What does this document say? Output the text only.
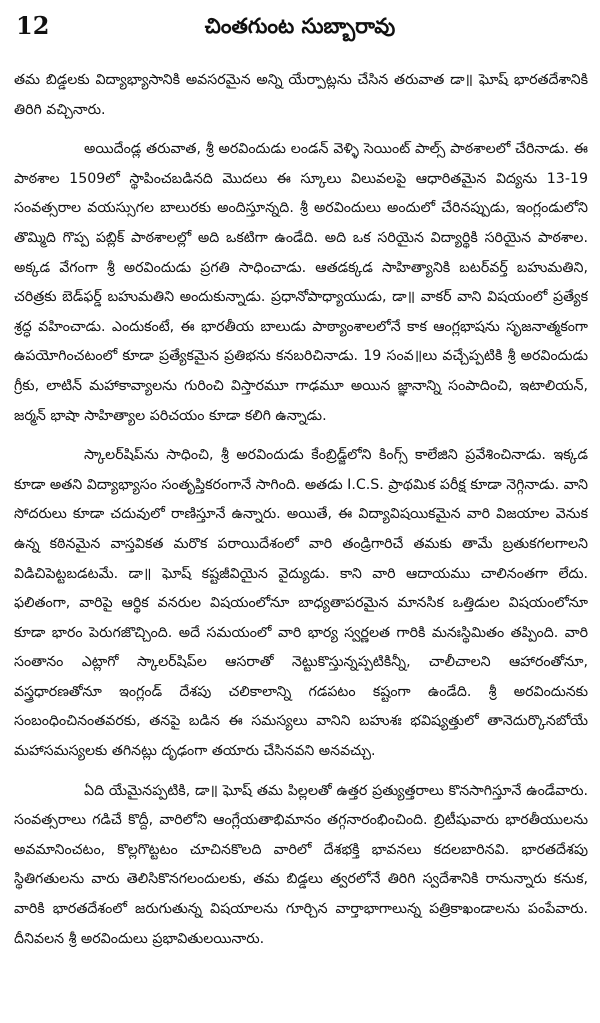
12	చింతగుంట సుబ్బారావు

తమ బిడ్డలకు విద్యాభ్యాసానికి అవసరమైన అన్ని యేర్పాట్లను చేసిన తరువాత డా॥ ఘోష్ భారతదేశానికి తిరిగి వచ్చినారు.

అయిదేండ్ల తరువాత, శ్రీ అరవిందుడు లండన్ వెళ్ళి సెయింట్ పాల్స్ పాఠశాలలో చేరినాడు. ఈ పాఠశాల 1509లో స్థాపించబడినది మొదలు ఈ స్కూలు విలువలపై ఆధారితమైన విద్యను 13-19 సంవత్సరాల వయస్సుగల బాలురకు అందిస్తూన్నది. శ్రీ అరవిందులు అందులో చేరినప్పుడు, ఇంగ్లండులోని తొమ్మిది గొప్ప పబ్లిక్ పాఠశాలల్లో అది ఒకటిగా ఉండేది. అది ఒక సరియైన విద్యార్థికి సరియైన పాఠశాల. అక్కడ వేగంగా శ్రీ అరవిందుడు ప్రగతి సాధించాడు. ఆతడక్కడ సాహిత్యానికి బటర్‌వర్త్ బహుమతిని, చరిత్రకు బెడ్‌ఫర్డ్ బహుమతిని అందుకున్నాడు. ప్రధానోపాధ్యాయుడు, డా॥ వాకర్ వాని విషయంలో ప్రత్యేక శ్రద్ధ వహించాడు. ఎందుకంటే, ఈ భారతీయ బాలుడు పాఠ్యాంశాలలోనే కాక ఆంగ్లభాషను సృజనాత్మకంగా ఉపయోగించటంలో కూడా ప్రత్యేకమైన ప్రతిభను కనబరిచినాడు. 19 సంవ॥లు వచ్చేప్పటికి శ్రీ అరవిందుడు గ్రీకు, లాటిన్ మహాకావ్యాలను గురించి విస్తారమూ గాఢమూ అయిన జ్ఞానాన్ని సంపాదించి, ఇటాలియన్, జర్మన్ భాషా సాహిత్యాల పరిచయం కూడా కలిగి ఉన్నాడు.

స్కాలర్‌షిప్‌ను సాధించి, శ్రీ అరవిందుడు కేంబ్రిడ్జ్‌లోని కింగ్స్ కాలేజిని ప్రవేశించినాడు. ఇక్కడ కూడా అతని విద్యాభ్యాసం సంతృప్తికరంగానే సాగింది. అతడు I.C.S. ప్రాథమిక పరీక్ష కూడా నెగ్గినాడు. వాని సోదరులు కూడా చదువులో రాణిస్తూనే ఉన్నారు. అయితే, ఈ విద్యావిషయికమైన వారి విజయాల వెనుక ఉన్న కఠినమైన వాస్తవికత మరొక పరాయిదేశంలో వారి తండ్రిగారిచే తమకు తామే బ్రతుకగలగాలని విడిచిపెట్టబడటమే. డా॥ ఘోష్ కష్టజీవియైన వైద్యుడు. కాని వారి ఆదాయము చాలినంతగా లేదు. ఫలితంగా, వారిపై ఆర్థిక వనరుల విషయంలోనూ బాధ్యతాపరమైన మానసిక ఒత్తిడుల విషయంలోనూ కూడా భారం పెరుగజొచ్చింది. అదే సమయంలో వారి భార్య స్వర్ణలత గారికి మనఃస్థిమితం తప్పింది. వారి సంతానం ఎట్లాగో స్కాలర్‌షిప్‌ల ఆసరాతో నెట్టుకొస్తున్నప్పటికిన్నీ, చాలీచాలని ఆహారంతోనూ, వస్త్రధారణతోనూ ఇంగ్లండ్ దేశపు చలికాలాన్ని గడపటం కష్టంగా ఉండేది. శ్రీ అరవిందునకు సంబంధించినంతవరకు, తనపై బడిన ఈ సమస్యలు వానిని బహుశః భవిష్యత్తులో తానెదుర్కొనబోయే మహాసమస్యలకు తగినట్లు దృఢంగా తయారు చేసినవని అనవచ్చు.

ఏది యేమైనప్పటికి, డా॥ ఘోష్ తమ పిల్లలతో ఉత్తర ప్రత్యుత్తరాలు కొనసాగిస్తూనే ఉండేవారు. సంవత్సరాలు గడిచే కొద్దీ, వారిలోని ఆంగ్లేయతాభిమానం తగ్గనారంభించింది. బ్రిటీషువారు భారతీయులను అవమానించటం, కొల్లగొట్టటం చూచినకొలది వారిలో దేశభక్తి భావనలు కదలబారినవి. భారతదేశపు స్థితిగతులను వారు తెలిసికొనగలందులకు, తమ బిడ్డలు త్వరలోనే తిరిగి స్వదేశానికి రానున్నారు కనుక, వారికి భారతదేశంలో జరుగుతున్న విషయాలను గూర్చిన వార్తాభాగాలున్న పత్రికాఖండాలను పంపేవారు. దీనివలన శ్రీ అరవిందులు ప్రభావితులయినారు.
